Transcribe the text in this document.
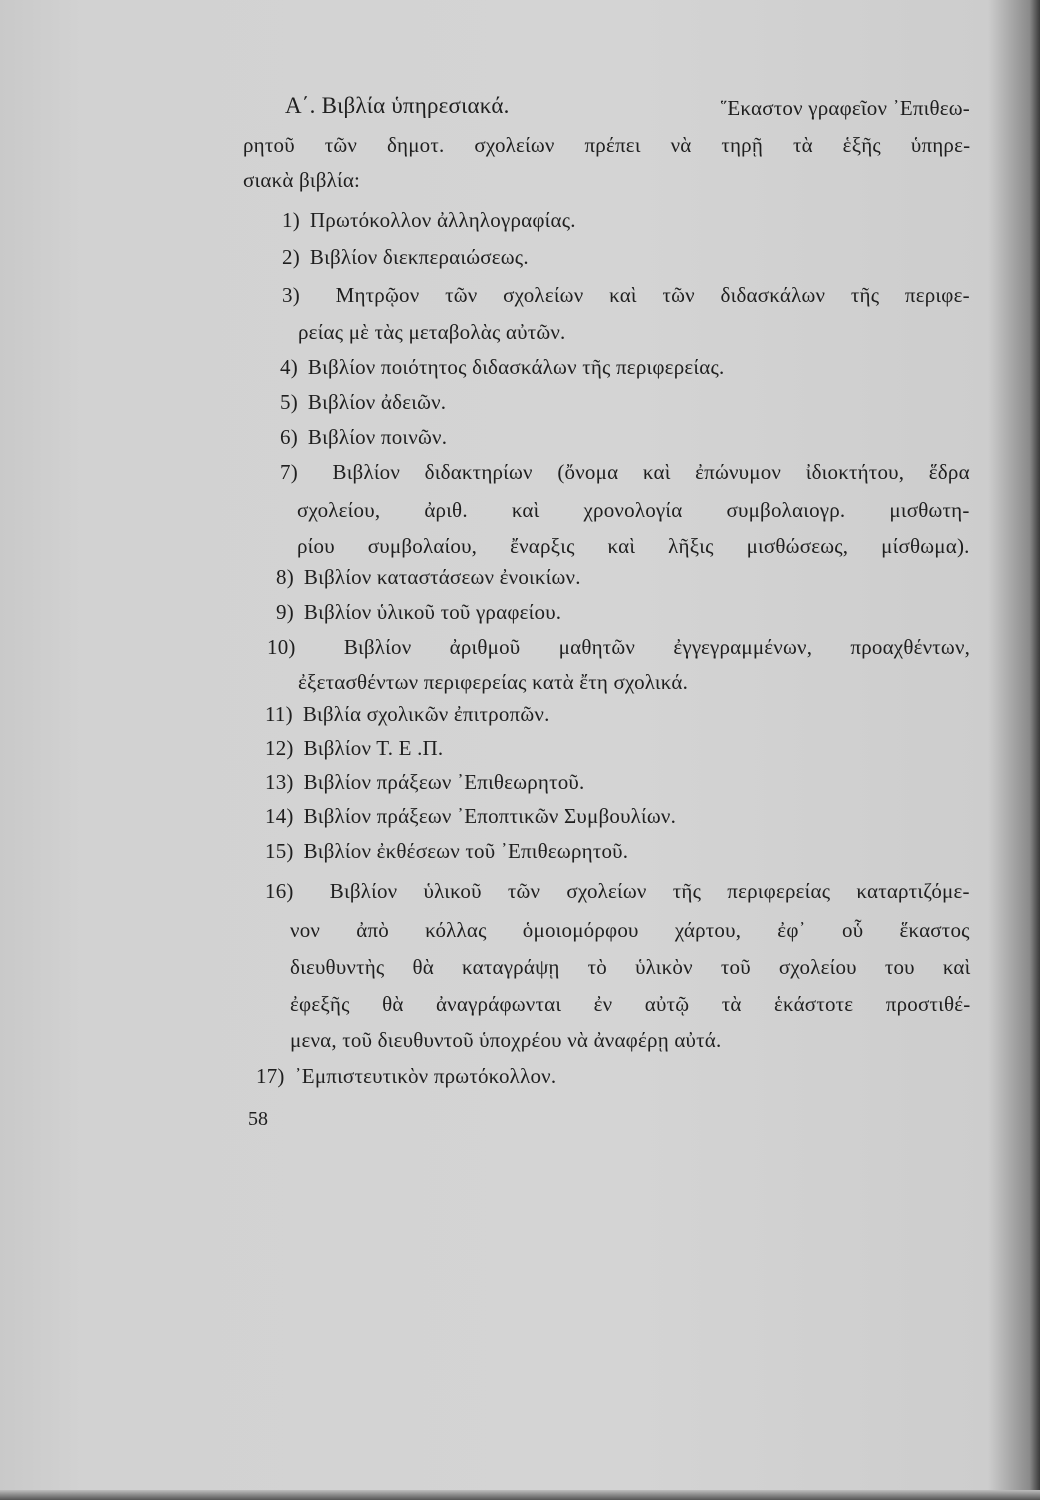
Α΄. Βιβλία ὑπηρεσιακά.	῞Εκαστον γραφεῖον ᾿Επιθεω-
ρητοῦ τῶν δημοτ. σχολείων πρέπει νὰ τηρῇ τὰ ἑξῆς ὑπηρε-
σιακὰ βιβλία:
1) Πρωτόκολλον ἀλληλογραφίας.
2) Βιβλίον διεκπεραιώσεως.
3) Μητρῷον τῶν σχολείων καὶ τῶν διδασκάλων τῆς περιφε-
ρείας μὲ τὰς μεταβολὰς αὐτῶν.
4) Βιβλίον ποιότητος διδασκάλων τῆς περιφερείας.
5) Βιβλίον ἀδειῶν.
6) Βιβλίον ποινῶν.
7) Βιβλίον διδακτηρίων (ὄνομα καὶ ἐπώνυμον ἰδιοκτήτου, ἕδρα
σχολείου, ἀριθ. καὶ χρονολογία συμβολαιογρ. μισθωτη-
ρίου συμβολαίου, ἔναρξις καὶ λῆξις μισθώσεως, μίσθωμα).
8) Βιβλίον καταστάσεων ἐνοικίων.
9) Βιβλίον ὑλικοῦ τοῦ γραφείου.
10) Βιβλίον ἀριθμοῦ μαθητῶν ἐγγεγραμμένων, προαχθέντων,
ἐξετασθέντων περιφερείας κατὰ ἔτη σχολικά.
11) Βιβλία σχολικῶν ἐπιτροπῶν.
12) Βιβλίον Τ. Ε .Π.
13) Βιβλίον πράξεων ᾿Επιθεωρητοῦ.
14) Βιβλίον πράξεων ᾿Εποπτικῶν Συμβουλίων.
15) Βιβλίον ἐκθέσεων τοῦ ᾿Επιθεωρητοῦ.
16) Βιβλίον ὑλικοῦ τῶν σχολείων τῆς περιφερείας καταρτιζόμε-
νον ἀπὸ κόλλας ὁμοιομόρφου χάρτου, ἐφ᾿ οὗ ἕκαστος
διευθυντὴς θὰ καταγράψῃ τὸ ὑλικὸν τοῦ σχολείου του καὶ
ἐφεξῆς θὰ ἀναγράφωνται ἐν αὐτῷ τὰ ἑκάστοτε προστιθέ-
μενα, τοῦ διευθυντοῦ ὑποχρέου νὰ ἀναφέρῃ αὐτά.
17) ᾿Εμπιστευτικὸν πρωτόκολλον.
58
